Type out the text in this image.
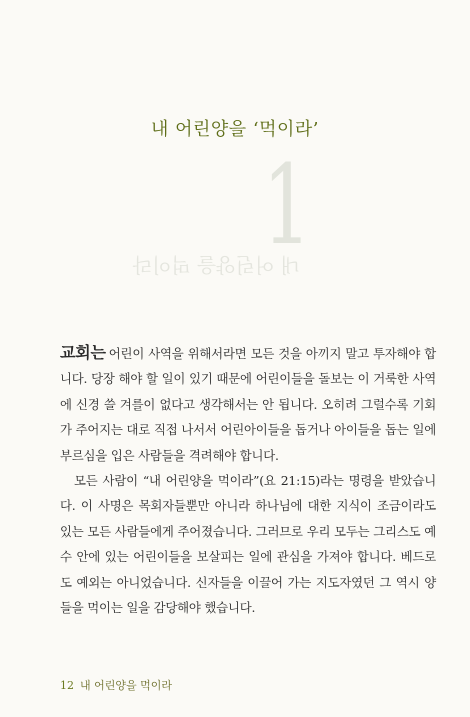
1
내 어린양을 먹이라
내 어린양을 ‘먹이라’

교회는 어린이 사역을 위해서라면 모든 것을 아끼지 말고 투자해야 합니다. 당장 해야 할 일이 있기 때문에 어린이들을 돌보는 이 거룩한 사역에 신경 쓸 겨를이 없다고 생각해서는 안 됩니다. 오히려 그럴수록 기회가 주어지는 대로 직접 나서서 어린아이들을 돕거나 아이들을 돕는 일에 부르심을 입은 사람들을 격려해야 합니다.

모든 사람이 “내 어린양을 먹이라”(요 21:15)라는 명령을 받았습니다. 이 사명은 목회자들뿐만 아니라 하나님에 대한 지식이 조금이라도 있는 모든 사람들에게 주어졌습니다. 그러므로 우리 모두는 그리스도 예수 안에 있는 어린이들을 보살피는 일에 관심을 가져야 합니다. 베드로도 예외는 아니었습니다. 신자들을 이끌어 가는 지도자였던 그 역시 양들을 먹이는 일을 감당해야 했습니다.

12 내 어린양을 먹이라
